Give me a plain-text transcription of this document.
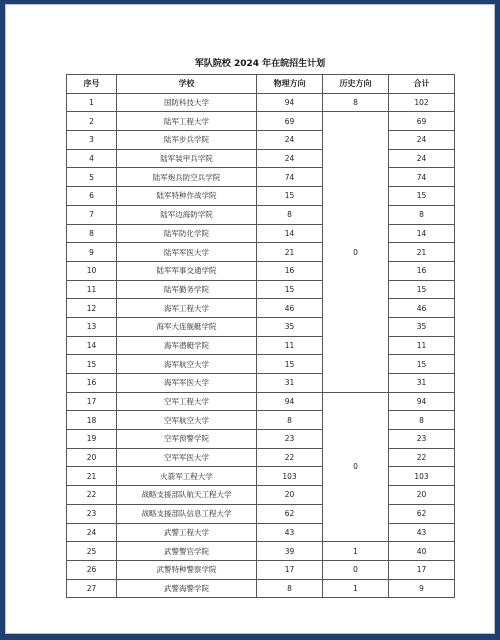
军队院校 2024 年在皖招生计划
序号	学校	物理方向	历史方向	合计
1	国防科技大学	94	8	102
2	陆军工程大学	69	0	69
3	陆军步兵学院	24		24
4	陆军装甲兵学院	24		24
5	陆军炮兵防空兵学院	74		74
6	陆军特种作战学院	15		15
7	陆军边海防学院	8		8
8	陆军防化学院	14		14
9	陆军军医大学	21		21
10	陆军军事交通学院	16		16
11	陆军勤务学院	15		15
12	海军工程大学	46		46
13	海军大连舰艇学院	35		35
14	海军潜艇学院	11		11
15	海军航空大学	15		15
16	海军军医大学	31		31
17	空军工程大学	94	0	94
18	空军航空大学	8		8
19	空军预警学院	23		23
20	空军军医大学	22		22
21	火箭军工程大学	103		103
22	战略支援部队航天工程大学	20		20
23	战略支援部队信息工程大学	62		62
24	武警工程大学	43		43
25	武警警官学院	39	1	40
26	武警特种警察学院	17	0	17
27	武警海警学院	8	1	9
